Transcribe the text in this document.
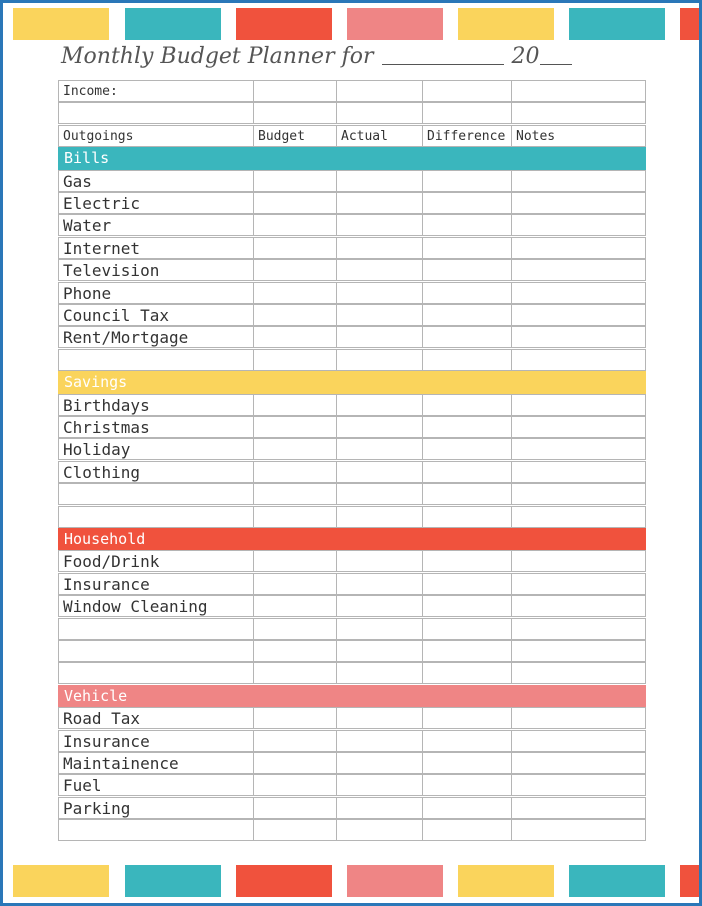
Monthly Budget Planner for	20
Income:
Outgoings	Budget	Actual	Difference Notes
Bills
Gas
Electric
Water
Internet
Television
Phone
Council Tax
Rent/Mortgage
Savings
Birthdays
Christmas
Holiday
Clothing
Household
Food/Drink
Insurance
Window Cleaning
Vehicle
Road Tax
Insurance
Maintainence
Fuel
Parking
